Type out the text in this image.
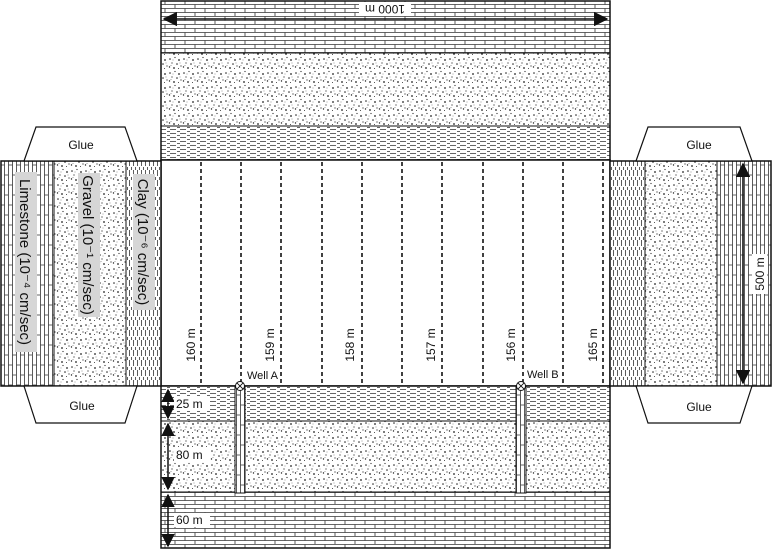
1000 m
160 m	159 m	158 m	157 m	156 m	165 m
Well A	Well B
25 m
80 m
60 m
Limestone (10⁻⁴ cm/sec)	Gravel (10⁻¹ cm/sec)	Clay (10⁻⁶ cm/sec)	500 m
Glue
Glue
Glue
Glue
